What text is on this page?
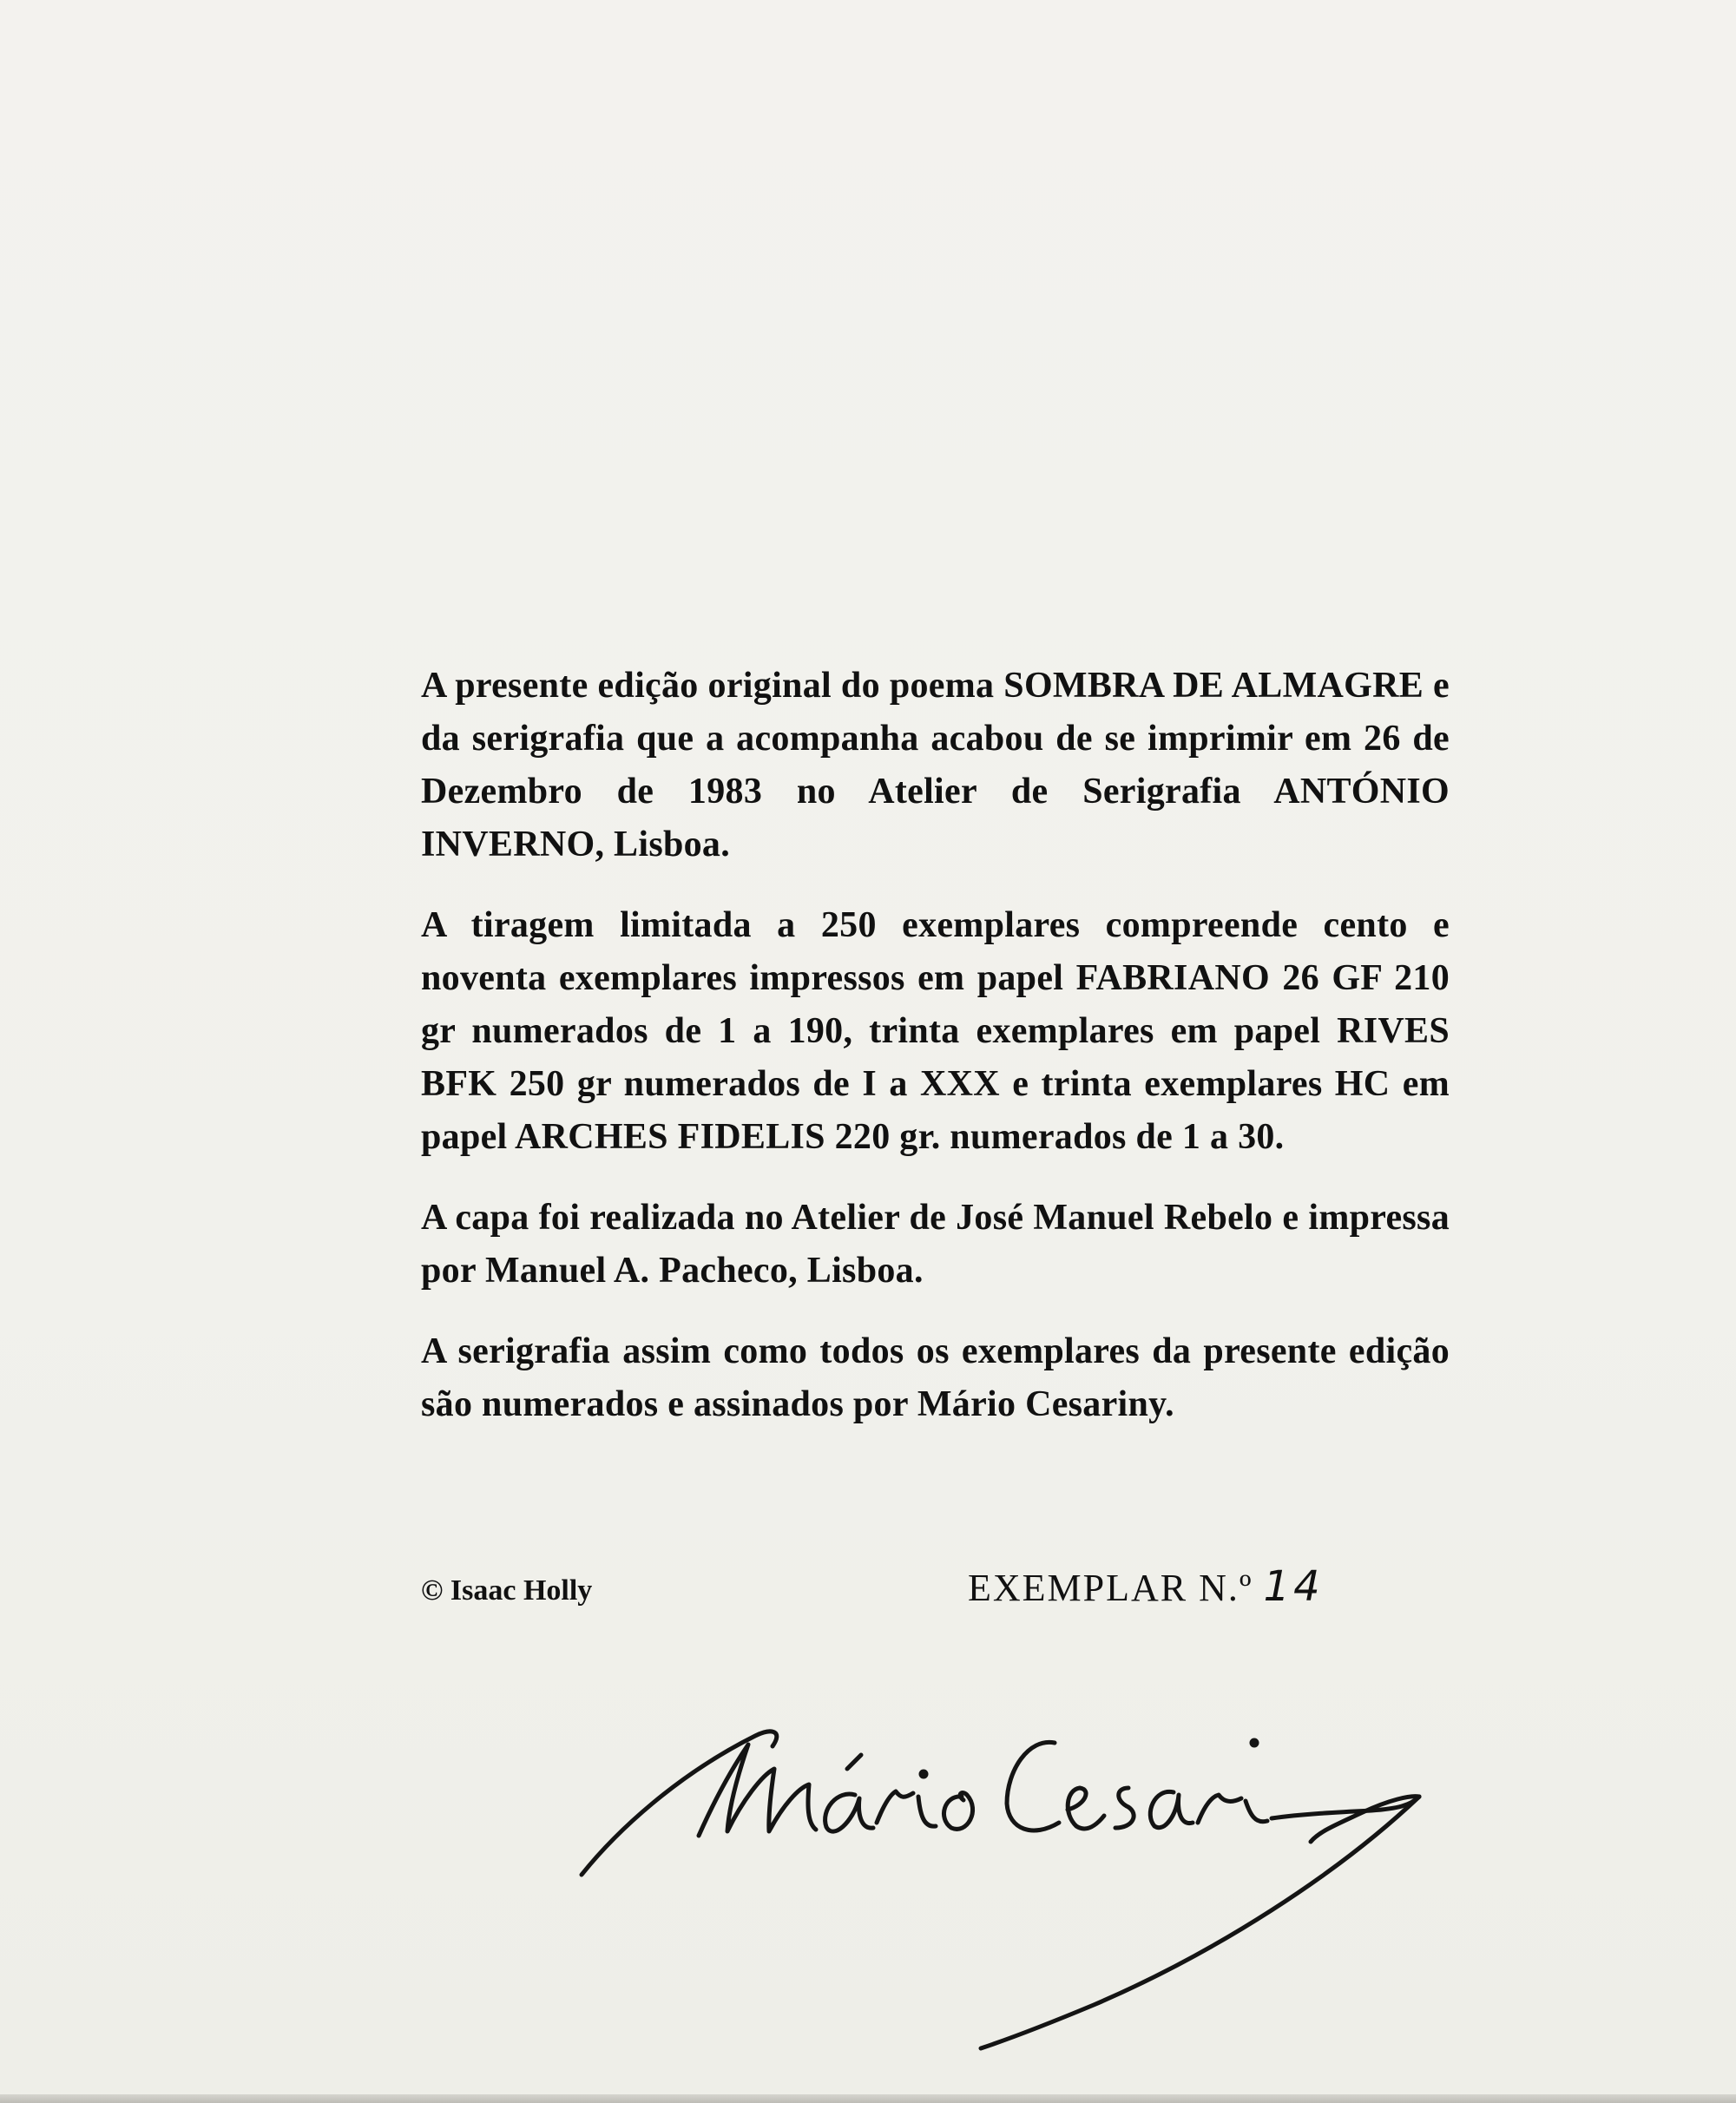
A presente edição original do poema SOMBRA DE ALMAGRE e da serigrafia que a acompanha acabou de se imprimir em 26 de Dezembro de 1983 no Atelier de Serigrafia ANTÓNIO INVERNO, Lisboa.

A tiragem limitada a 250 exemplares compreende cento e noventa exemplares impressos em papel FABRIANO 26 GF 210 gr numerados de 1 a 190, trinta exemplares em papel RIVES BFK 250 gr numerados de I a XXX e trinta exemplares HC em papel ARCHES FIDELIS 220 gr. numerados de 1 a 30.

A capa foi realizada no Atelier de José Manuel Rebelo e impressa por Manuel A. Pacheco, Lisboa.

A serigrafia assim como todos os exemplares da presente edição são numerados e assinados por Mário Cesariny.

© Isaac Holly	EXEMPLAR N.º 14
